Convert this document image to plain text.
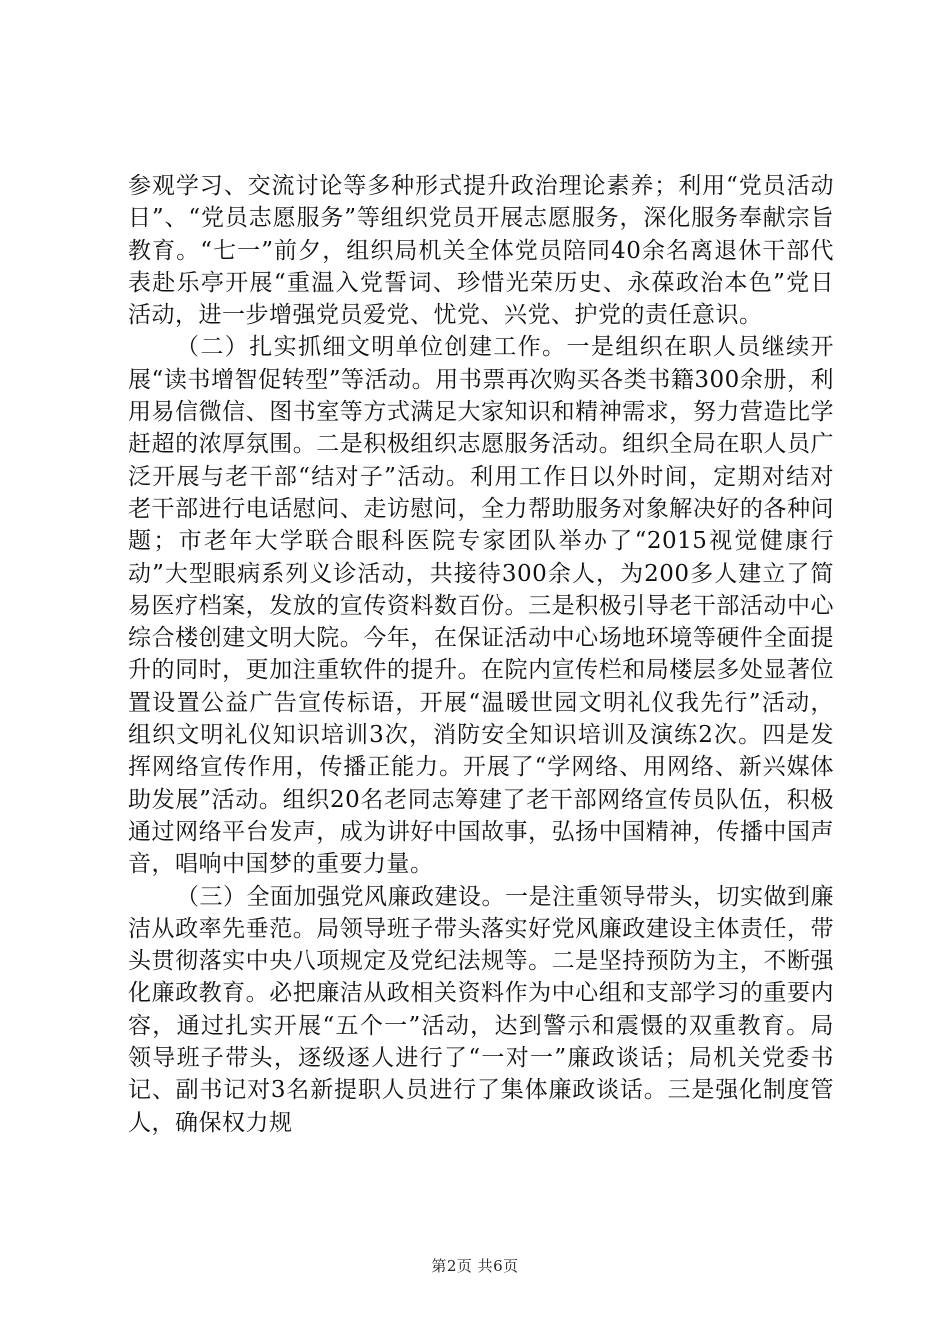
参观学习、交流讨论等多种形式提升政治理论素养；利用“党员活动日”、“党员志愿服务”等组织党员开展志愿服务，深化服务奉献宗旨教育。“七一”前夕，组织局机关全体党员陪同40余名离退休干部代表赴乐亭开展“重温入党誓词、珍惜光荣历史、永葆政治本色”党日活动，进一步增强党员爱党、忧党、兴党、护党的责任意识。

（二）扎实抓细文明单位创建工作。一是组织在职人员继续开展“读书增智促转型”等活动。用书票再次购买各类书籍300余册，利用易信微信、图书室等方式满足大家知识和精神需求，努力营造比学赶超的浓厚氛围。二是积极组织志愿服务活动。组织全局在职人员广泛开展与老干部“结对子”活动。利用工作日以外时间，定期对结对老干部进行电话慰问、走访慰问，全力帮助服务对象解决好的各种问题；市老年大学联合眼科医院专家团队举办了“2015视觉健康行动”大型眼病系列义诊活动，共接待300余人，为200多人建立了简易医疗档案，发放的宣传资料数百份。三是积极引导老干部活动中心综合楼创建文明大院。今年，在保证活动中心场地环境等硬件全面提升的同时，更加注重软件的提升。在院内宣传栏和局楼层多处显著位置设置公益广告宣传标语，开展“温暖世园文明礼仪我先行”活动，组织文明礼仪知识培训3次，消防安全知识培训及演练2次。四是发挥网络宣传作用，传播正能力。开展了“学网络、用网络、新兴媒体助发展”活动。组织20名老同志筹建了老干部网络宣传员队伍，积极通过网络平台发声，成为讲好中国故事，弘扬中国精神，传播中国声音，唱响中国梦的重要力量。

（三）全面加强党风廉政建设。一是注重领导带头，切实做到廉洁从政率先垂范。局领导班子带头落实好党风廉政建设主体责任，带头贯彻落实中央八项规定及党纪法规等。二是坚持预防为主，不断强化廉政教育。必把廉洁从政相关资料作为中心组和支部学习的重要内容，通过扎实开展“五个一”活动，达到警示和震慑的双重教育。局领导班子带头，逐级逐人进行了“一对一”廉政谈话；局机关党委书记、副书记对3名新提职人员进行了集体廉政谈话。三是强化制度管人，确保权力规

第2页 共6页
